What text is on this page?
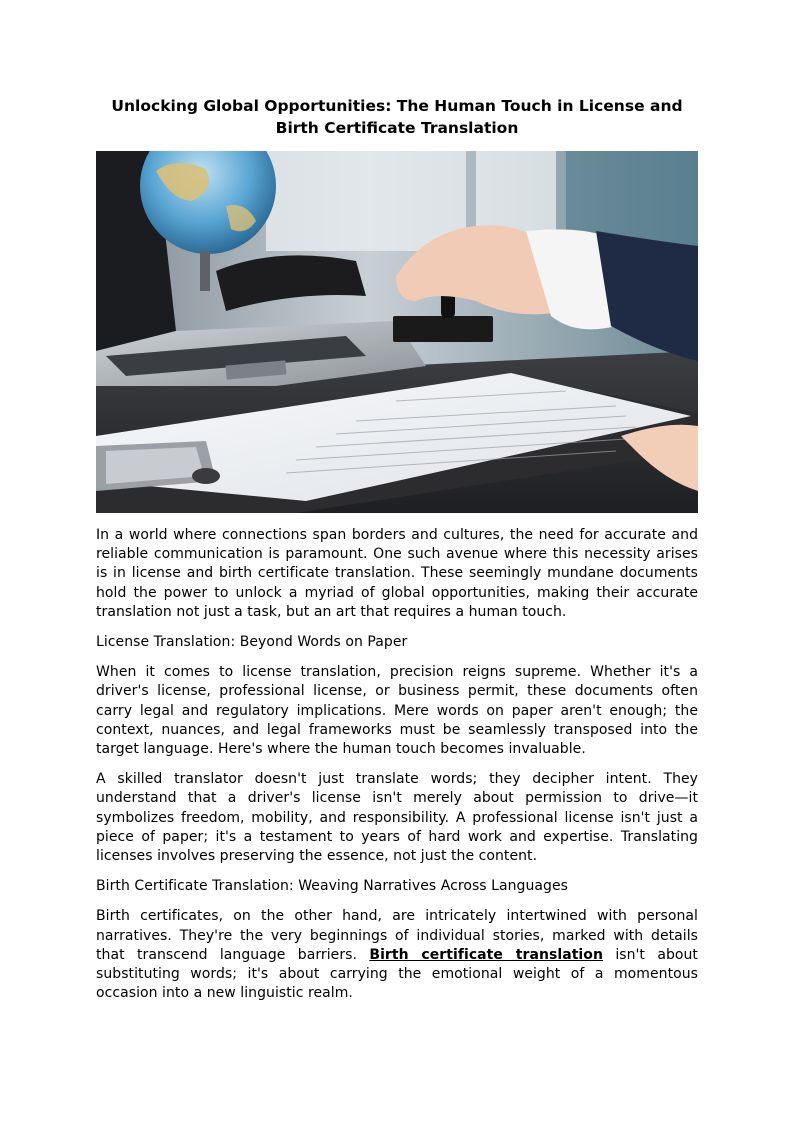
Unlocking Global Opportunities: The Human Touch in License and Birth Certificate Translation

In a world where connections span borders and cultures, the need for accurate and reliable communication is paramount. One such avenue where this necessity arises is in license and birth certificate translation. These seemingly mundane documents hold the power to unlock a myriad of global opportunities, making their accurate translation not just a task, but an art that requires a human touch.

License Translation: Beyond Words on Paper

When it comes to license translation, precision reigns supreme. Whether it's a driver's license, professional license, or business permit, these documents often carry legal and regulatory implications. Mere words on paper aren't enough; the context, nuances, and legal frameworks must be seamlessly transposed into the target language. Here's where the human touch becomes invaluable.

A skilled translator doesn't just translate words; they decipher intent. They understand that a driver's license isn't merely about permission to drive—it symbolizes freedom, mobility, and responsibility. A professional license isn't just a piece of paper; it's a testament to years of hard work and expertise. Translating licenses involves preserving the essence, not just the content.

Birth Certificate Translation: Weaving Narratives Across Languages

Birth certificates, on the other hand, are intricately intertwined with personal narratives. They're the very beginnings of individual stories, marked with details that transcend language barriers. Birth certificate translation isn't about substituting words; it's about carrying the emotional weight of a momentous occasion into a new linguistic realm.
